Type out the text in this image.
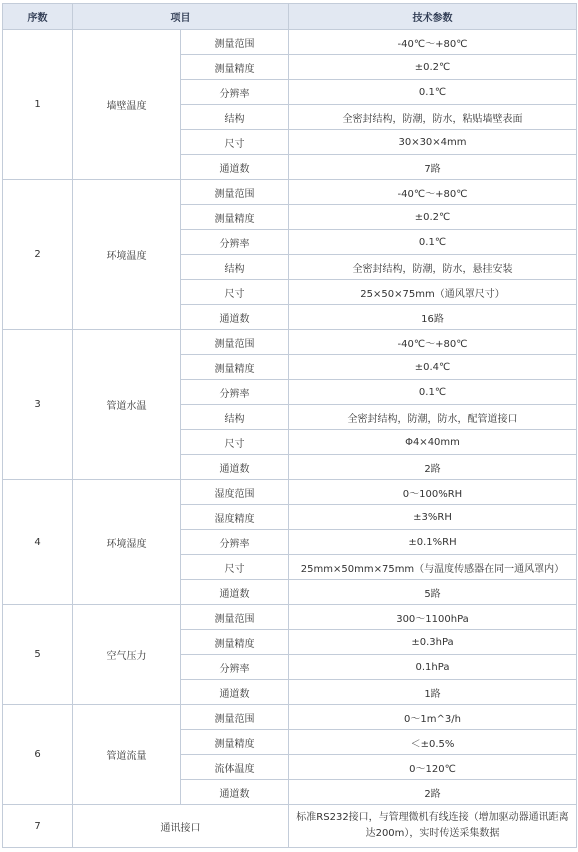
序数	项目		技术参数
1	墙壁温度	测量范围	-40℃～+80℃
		测量精度	±0.2℃
		分辨率	0.1℃
		结构	全密封结构，防潮，防水，粘贴墙壁表面
		尺寸	30×30×4mm
		通道数	7路
2	环境温度	测量范围	-40℃～+80℃
		测量精度	±0.2℃
		分辨率	0.1℃
		结构	全密封结构，防潮，防水，悬挂安装
		尺寸	25×50×75mm（通风罩尺寸）
		通道数	16路
3	管道水温	测量范围	-40℃～+80℃
		测量精度	±0.4℃
		分辨率	0.1℃
		结构	全密封结构，防潮，防水，配管道接口
		尺寸	Φ4×40mm
		通道数	2路
4	环境湿度	湿度范围	0～100%RH
		湿度精度	±3%RH
		分辨率	±0.1%RH
		尺寸	25mm×50mm×75mm（与温度传感器在同一通风罩内）
		通道数	5路
5	空气压力	测量范围	300～1100hPa
		测量精度	±0.3hPa
		分辨率	0.1hPa
		通道数	1路
6	管道流量	测量范围	0～1m^3/h
		测量精度	＜±0.5%
		流体温度	0～120℃
		通道数	2路
7	通讯接口		标准RS232接口，与管理微机有线连接（增加驱动器通讯距离达200m），实时传送采集数据
